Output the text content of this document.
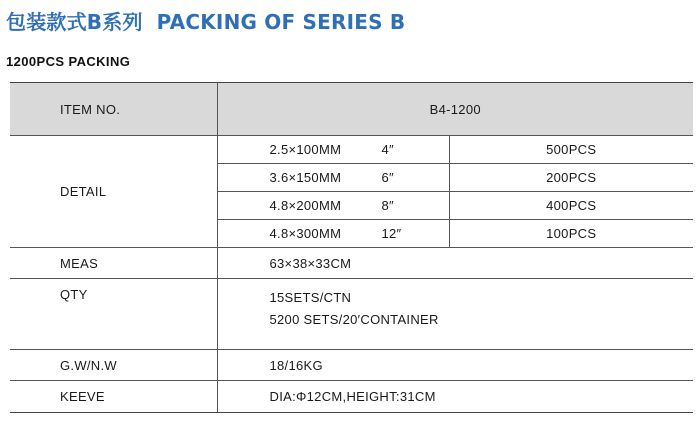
包装款式B系列 PACKING OF SERIES B
1200PCS PACKING
ITEM NO.	B4-1200	
DETAIL	2.5×100MM 4″	500PCS
	3.6×150MM 6″	200PCS
	4.8×200MM 8″	400PCS
	4.8×300MM 12″	100PCS
MEAS	63×38×33CM	
QTY	15SETS/CTN
5200 SETS/20′CONTAINER	

G.W/N.W	18/16KG	
KEEVE	DIA:Φ12CM,HEIGHT:31CM	
